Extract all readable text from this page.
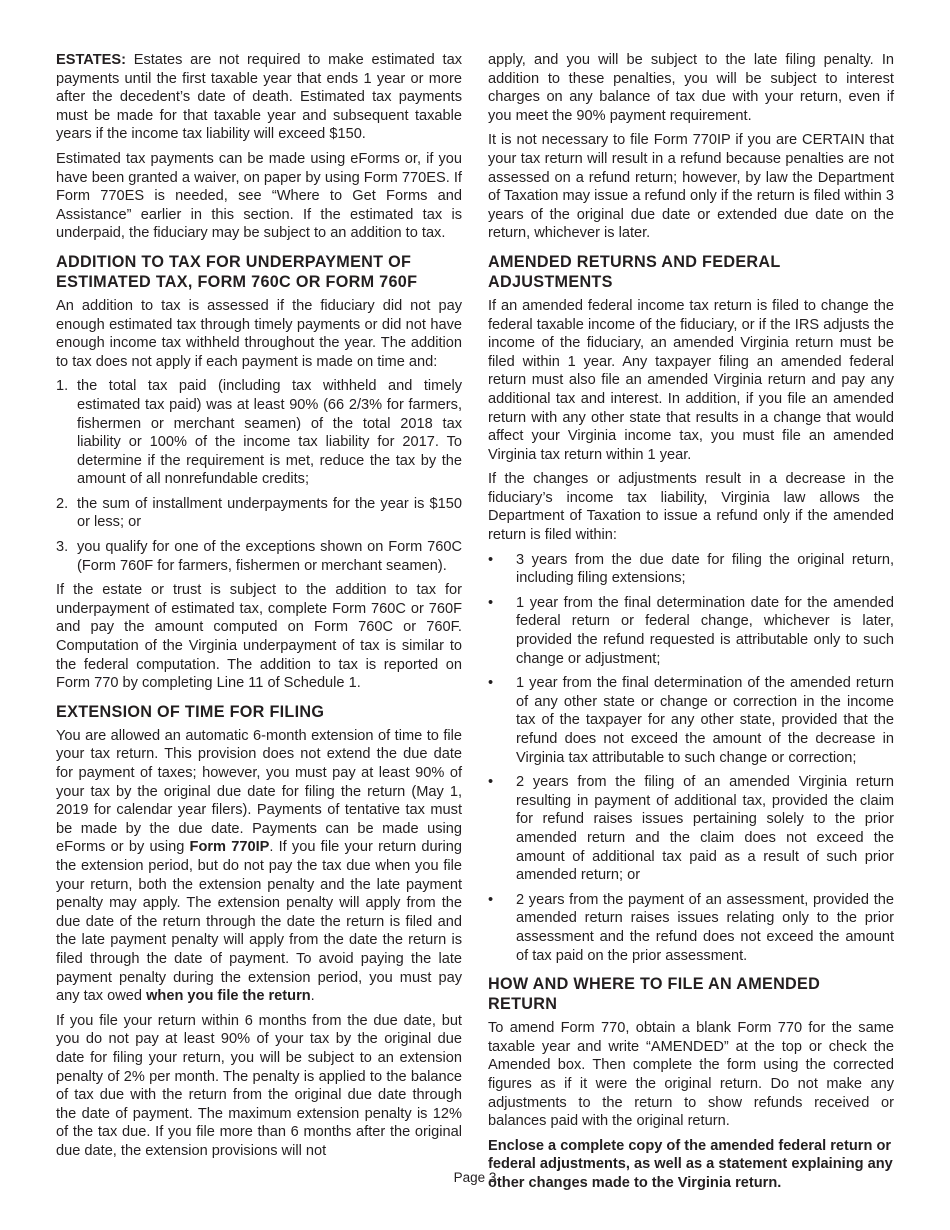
ESTATES: Estates are not required to make estimated tax payments until the first taxable year that ends 1 year or more after the decedent’s date of death. Estimated tax payments must be made for that taxable year and subsequent taxable years if the income tax liability will exceed $150.

Estimated tax payments can be made using eForms or, if you have been granted a waiver, on paper by using Form 770ES. If Form 770ES is needed, see “Where to Get Forms and Assistance” earlier in this section. If the estimated tax is underpaid, the fiduciary may be subject to an addition to tax.

ADDITION TO TAX FOR UNDERPAYMENT OF ESTIMATED TAX, FORM 760C OR FORM 760F

An addition to tax is assessed if the fiduciary did not pay enough estimated tax through timely payments or did not have enough income tax withheld throughout the year. The addition to tax does not apply if each payment is made on time and:

1. the total tax paid (including tax withheld and timely estimated tax paid) was at least 90% (66 2/3% for farmers, fishermen or merchant seamen) of the total 2018 tax liability or 100% of the income tax liability for 2017. To determine if the requirement is met, reduce the tax by the amount of all nonrefundable credits;
2. the sum of installment underpayments for the year is $150 or less; or
3. you qualify for one of the exceptions shown on Form 760C (Form 760F for farmers, fishermen or merchant seamen).

If the estate or trust is subject to the addition to tax for underpayment of estimated tax, complete Form 760C or 760F and pay the amount computed on Form 760C or 760F. Computation of the Virginia underpayment of tax is similar to the federal computation. The addition to tax is reported on Form 770 by completing Line 11 of Schedule 1.

EXTENSION OF TIME FOR FILING

You are allowed an automatic 6-month extension of time to file your tax return. This provision does not extend the due date for payment of taxes; however, you must pay at least 90% of your tax by the original due date for filing the return (May 1, 2019 for calendar year filers). Payments of tentative tax must be made by the due date. Payments can be made using eForms or by using Form 770IP. If you file your return during the extension period, but do not pay the tax due when you file your return, both the extension penalty and the late payment penalty may apply. The extension penalty will apply from the due date of the return through the date the return is filed and the late payment penalty will apply from the date the return is filed through the date of payment. To avoid paying the late payment penalty during the extension period, you must pay any tax owed when you file the return.

If you file your return within 6 months from the due date, but you do not pay at least 90% of your tax by the original due date for filing your return, you will be subject to an extension penalty of 2% per month. The penalty is applied to the balance of tax due with the return from the original due date through the date of payment. The maximum extension penalty is 12% of the tax due. If you file more than 6 months after the original due date, the extension provisions will not

apply, and you will be subject to the late filing penalty. In addition to these penalties, you will be subject to interest charges on any balance of tax due with your return, even if you meet the 90% payment requirement.

It is not necessary to file Form 770IP if you are CERTAIN that your tax return will result in a refund because penalties are not assessed on a refund return; however, by law the Department of Taxation may issue a refund only if the return is filed within 3 years of the original due date or extended due date on the return, whichever is later.

AMENDED RETURNS AND FEDERAL ADJUSTMENTS

If an amended federal income tax return is filed to change the federal taxable income of the fiduciary, or if the IRS adjusts the income of the fiduciary, an amended Virginia return must be filed within 1 year. Any taxpayer filing an amended federal return must also file an amended Virginia return and pay any additional tax and interest. In addition, if you file an amended return with any other state that results in a change that would affect your Virginia income tax, you must file an amended Virginia tax return within 1 year.

If the changes or adjustments result in a decrease in the fiduciary’s income tax liability, Virginia law allows the Department of Taxation to issue a refund only if the amended return is filed within:

• 3 years from the due date for filing the original return, including filing extensions;
• 1 year from the final determination date for the amended federal return or federal change, whichever is later, provided the refund requested is attributable only to such change or adjustment;
• 1 year from the final determination of the amended return of any other state or change or correction in the income tax of the taxpayer for any other state, provided that the refund does not exceed the amount of the decrease in Virginia tax attributable to such change or correction;
• 2 years from the filing of an amended Virginia return resulting in payment of additional tax, provided the claim for refund raises issues pertaining solely to the prior amended return and the claim does not exceed the amount of additional tax paid as a result of such prior amended return; or
• 2 years from the payment of an assessment, provided the amended return raises issues relating only to the prior assessment and the refund does not exceed the amount of tax paid on the prior assessment.
HOW AND WHERE TO FILE AN AMENDED RETURN

To amend Form 770, obtain a blank Form 770 for the same taxable year and write “AMENDED” at the top or check the Amended box. Then complete the form using the corrected figures as if it were the original return. Do not make any adjustments to the return to show refunds received or balances paid with the original return.

Enclose a complete copy of the amended federal return or federal adjustments, as well as a statement explaining any other changes made to the Virginia return.

Page 3
